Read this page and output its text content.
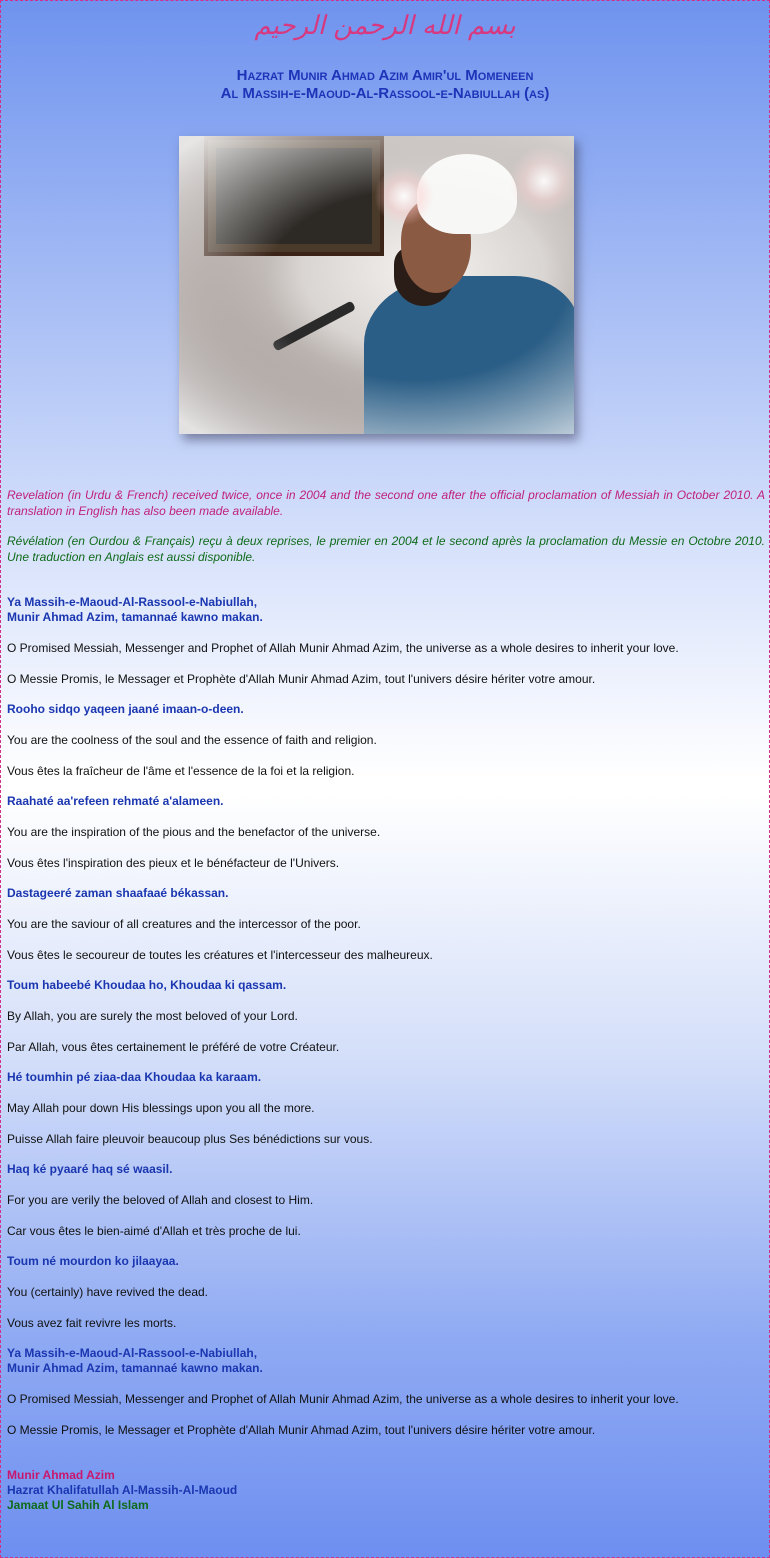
بسم الله الرحمن الرحيم
Hazrat Munir Ahmad Azim Amir'ul Momeneen
Al Massih-e-Maoud-Al-Rassool-e-Nabiullah (as)
Revelation (in Urdu & French) received twice, once in 2004 and the second one after the official proclamation of Messiah in October 2010. A translation in English has also been made available.
Révélation (en Ourdou & Français) reçu à deux reprises, le premier en 2004 et le second après la proclamation du Messie en Octobre 2010. Une traduction en Anglais est aussi disponible.

Ya Massih-e-Maoud-Al-Rassool-e-Nabiullah,

Munir Ahmad Azim, tamannaé kawno makan.

O Promised Messiah, Messenger and Prophet of Allah Munir Ahmad Azim, the universe as a whole desires to inherit your love.

O Messie Promis, le Messager et Prophète d'Allah Munir Ahmad Azim, tout l'univers désire hériter votre amour.

Rooho sidqo yaqeen jaané imaan-o-deen.

You are the coolness of the soul and the essence of faith and religion.

Vous êtes la fraîcheur de l'âme et l'essence de la foi et la religion.

Raahaté aa'refeen rehmaté a'alameen.

You are the inspiration of the pious and the benefactor of the universe.

Vous êtes l'inspiration des pieux et le bénéfacteur de l'Univers.

Dastageeré zaman shaafaaé békassan.

You are the saviour of all creatures and the intercessor of the poor.

Vous êtes le secoureur de toutes les créatures et l'intercesseur des malheureux.

Toum habeebé Khoudaa ho, Khoudaa ki qassam.

By Allah, you are surely the most beloved of your Lord.

Par Allah, vous êtes certainement le préféré de votre Créateur.

Hé toumhin pé ziaa-daa Khoudaa ka karaam.

May Allah pour down His blessings upon you all the more.

Puisse Allah faire pleuvoir beaucoup plus Ses bénédictions sur vous.

Haq ké pyaaré haq sé waasil.

For you are verily the beloved of Allah and closest to Him.

Car vous êtes le bien-aimé d'Allah et très proche de lui.

Toum né mourdon ko jilaayaa.

You (certainly) have revived the dead.

Vous avez fait revivre les morts.

Ya Massih-e-Maoud-Al-Rassool-e-Nabiullah,

Munir Ahmad Azim, tamannaé kawno makan.

O Promised Messiah, Messenger and Prophet of Allah Munir Ahmad Azim, the universe as a whole desires to inherit your love.

O Messie Promis, le Messager et Prophète d'Allah Munir Ahmad Azim, tout l'univers désire hériter votre amour.

Munir Ahmad Azim
Hazrat Khalifatullah Al-Massih-Al-Maoud
Jamaat Ul Sahih Al Islam
